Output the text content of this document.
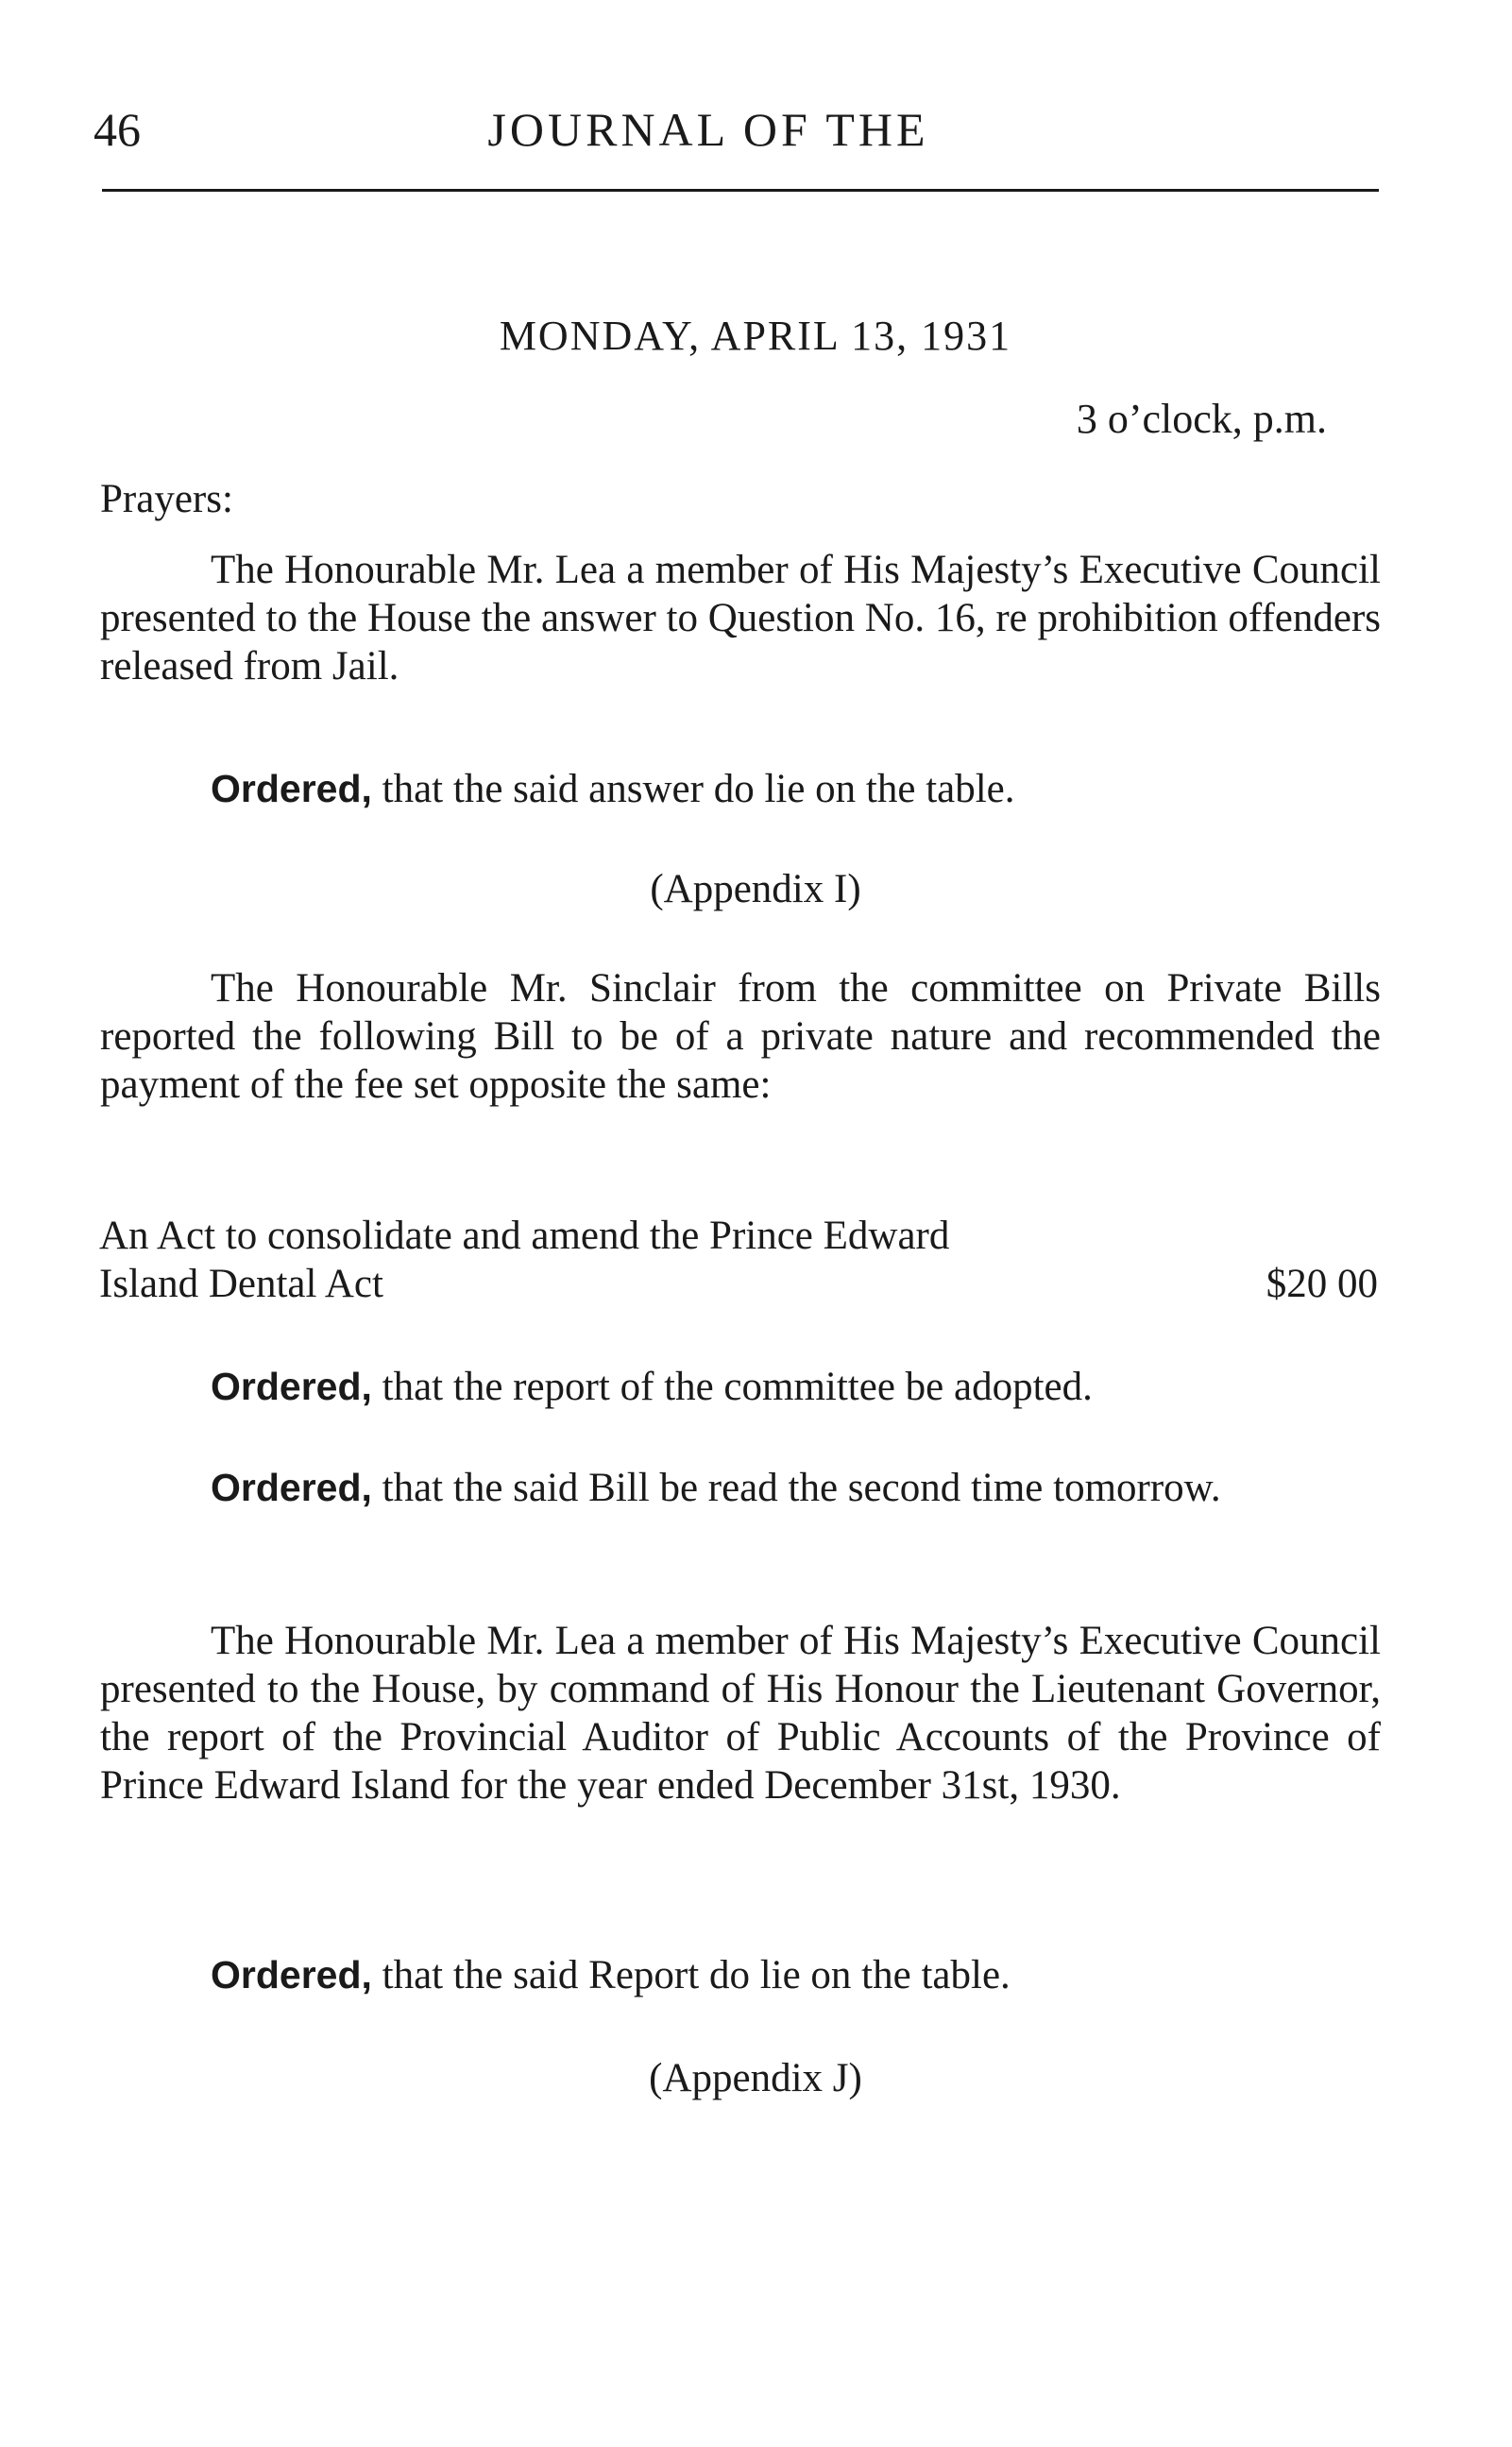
46	JOURNAL OF THE
MONDAY, APRIL 13, 1931
3 o’clock, p.m.
Prayers:

The Honourable Mr. Lea a member of His Majesty’s Executive Council presented to the House the answer to Question No. 16, re prohibition offenders released from Jail.

Ordered, that the said answer do lie on the table.

(Appendix I)

The Honourable Mr. Sinclair from the committee on Private Bills reported the following Bill to be of a private nature and recommended the payment of the fee set opposite the same:

An Act to consolidate and amend the Prince Edward
Island Dental Act	$20 00

Ordered, that the report of the committee be adopted.

Ordered, that the said Bill be read the second time tomorrow.

The Honourable Mr. Lea a member of His Majesty’s Executive Council presented to the House, by command of His Honour the Lieutenant Governor, the report of the Provincial Auditor of Public Accounts of the Province of Prince Edward Island for the year ended December 31st, 1930.

Ordered, that the said Report do lie on the table.

(Appendix J)
